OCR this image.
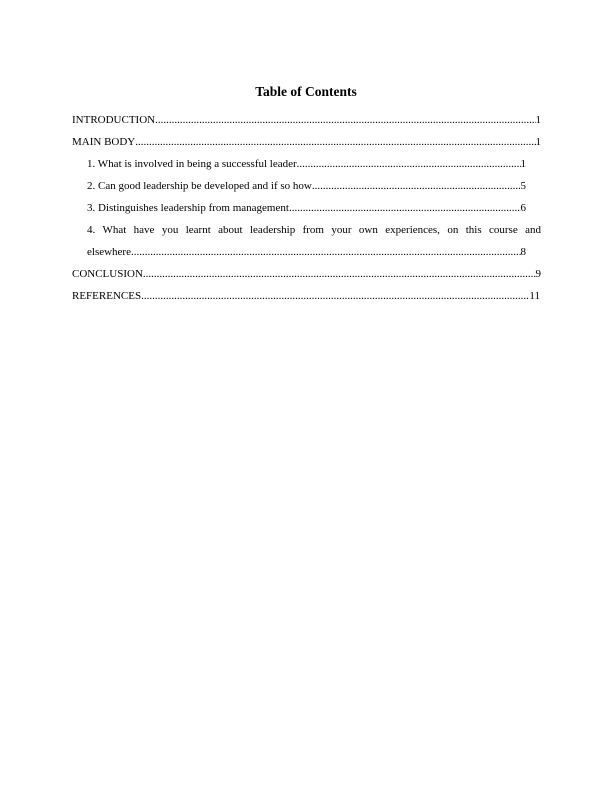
Table of Contents
INTRODUCTION .....	1
MAIN BODY .....	1
1. What is involved in being a successful leader .....	1
2. Can good leadership be developed and if so how .....	5
3. Distinguishes leadership from management .....	6
4. What have you learnt about leadership from your own experiences, on this course and
elsewhere .....	8
CONCLUSION .....	9
REFERENCES .....	11
